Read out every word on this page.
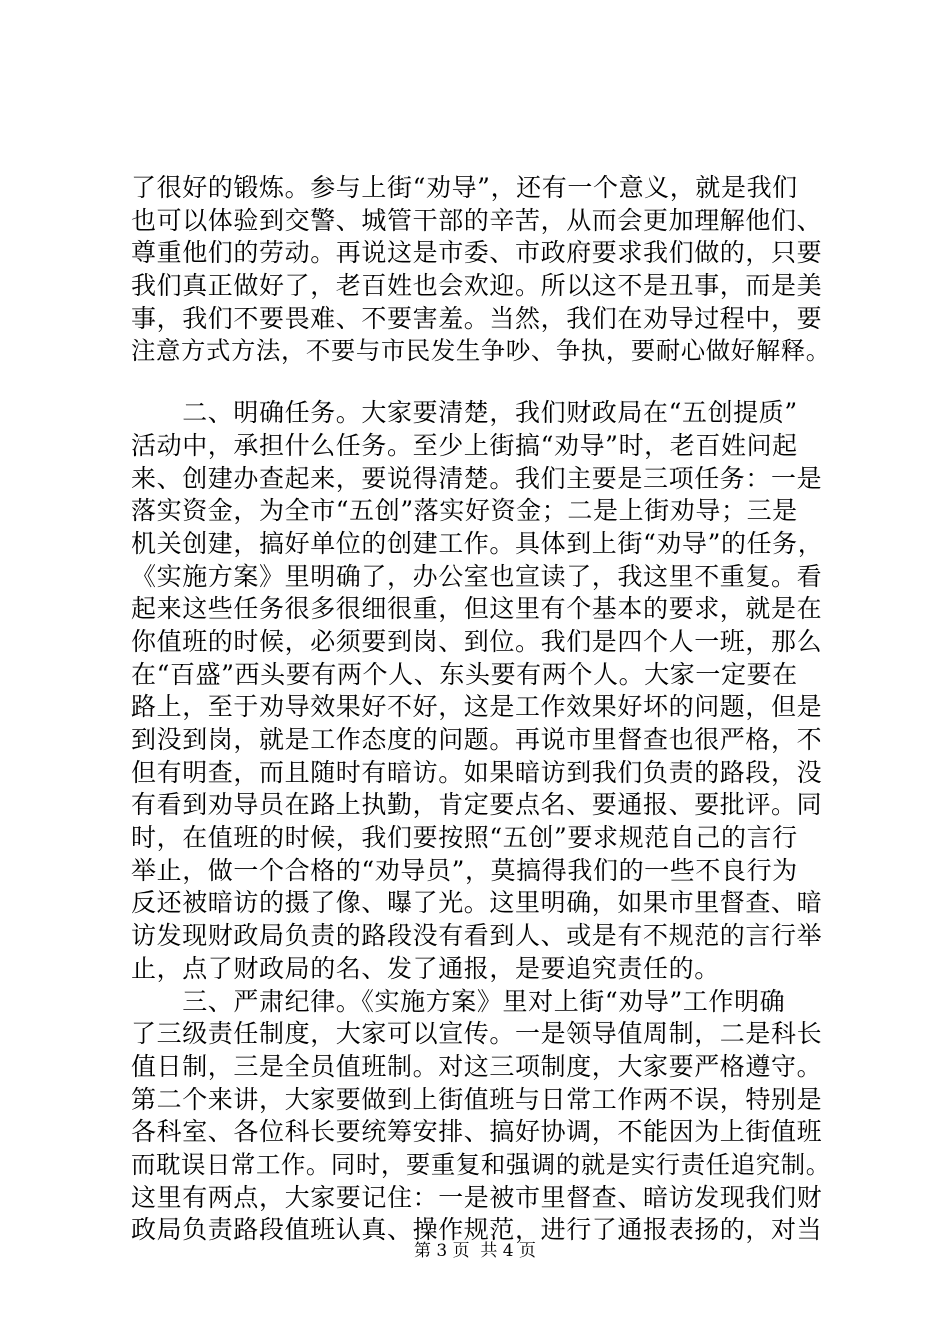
了很好的锻炼。参与上街“劝导”，还有一个意义，就是我们
也可以体验到交警、城管干部的辛苦，从而会更加理解他们、
尊重他们的劳动。再说这是市委、市政府要求我们做的，只要
我们真正做好了，老百姓也会欢迎。所以这不是丑事，而是美
事，我们不要畏难、不要害羞。当然，我们在劝导过程中，要
注意方式方法，不要与市民发生争吵、争执，要耐心做好解释。
　　二、明确任务。大家要清楚，我们财政局在“五创提质”
活动中，承担什么任务。至少上街搞“劝导”时，老百姓问起
来、创建办查起来，要说得清楚。我们主要是三项任务：一是
落实资金，为全市“五创”落实好资金；二是上街劝导；三是
机关创建，搞好单位的创建工作。具体到上街“劝导”的任务，
《实施方案》里明确了，办公室也宣读了，我这里不重复。看
起来这些任务很多很细很重，但这里有个基本的要求，就是在
你值班的时候，必须要到岗、到位。我们是四个人一班，那么
在“百盛”西头要有两个人、东头要有两个人。大家一定要在
路上，至于劝导效果好不好，这是工作效果好坏的问题，但是
到没到岗，就是工作态度的问题。再说市里督查也很严格，不
但有明查，而且随时有暗访。如果暗访到我们负责的路段，没
有看到劝导员在路上执勤，肯定要点名、要通报、要批评。同
时，在值班的时候，我们要按照“五创”要求规范自己的言行
举止，做一个合格的“劝导员”，莫搞得我们的一些不良行为
反还被暗访的摄了像、曝了光。这里明确，如果市里督查、暗
访发现财政局负责的路段没有看到人、或是有不规范的言行举
止，点了财政局的名、发了通报，是要追究责任的。
　　三、严肃纪律。《实施方案》里对上街“劝导”工作明确
了三级责任制度，大家可以宣传。一是领导值周制，二是科长
值日制，三是全员值班制。对这三项制度，大家要严格遵守。
第二个来讲，大家要做到上街值班与日常工作两不误，特别是
各科室、各位科长要统筹安排、搞好协调，不能因为上街值班
而耽误日常工作。同时，要重复和强调的就是实行责任追究制。
这里有两点，大家要记住：一是被市里督查、暗访发现我们财
政局负责路段值班认真、操作规范，进行了通报表扬的，对当
第 3 页  共 4 页
